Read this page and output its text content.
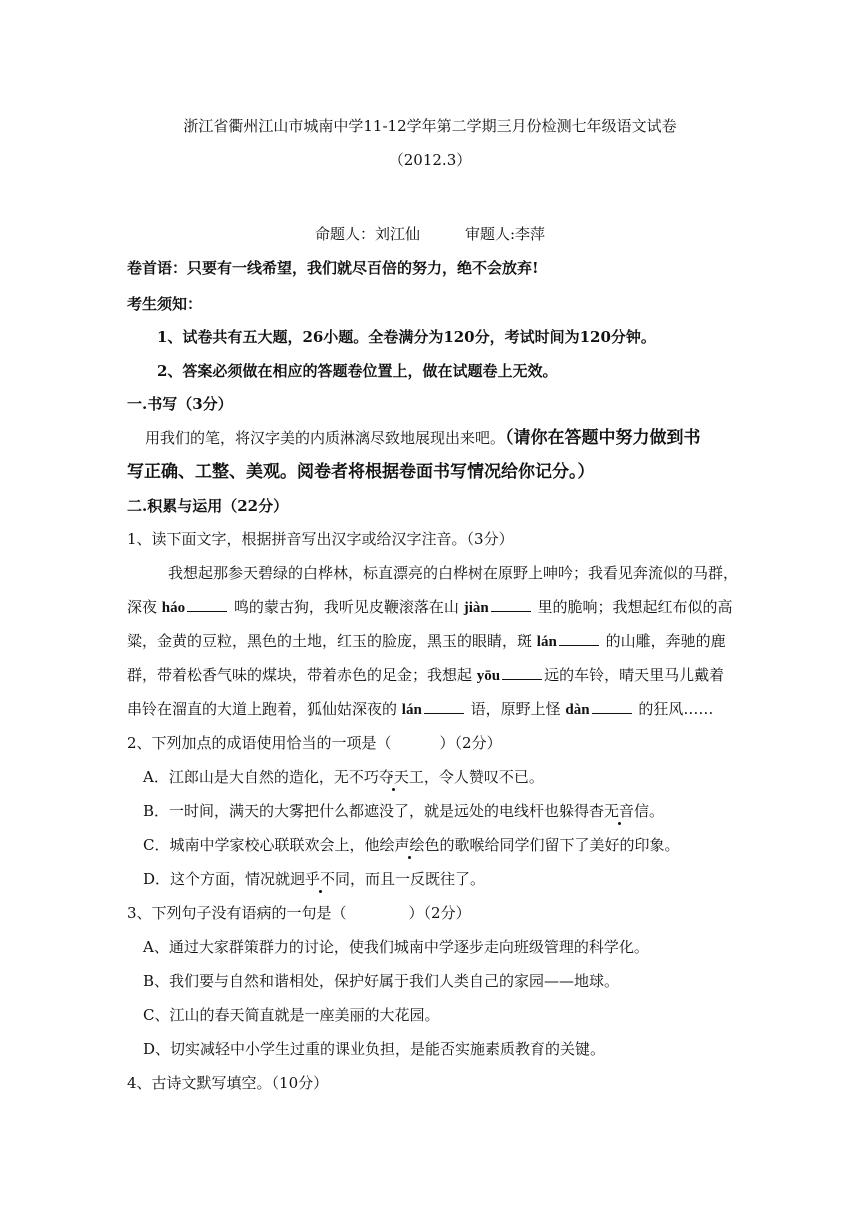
浙江省衢州江山市城南中学11-12学年第二学期三月份检测七年级语文试卷
（2012.3）
命题人：刘江仙　　　审题人:李萍
卷首语：只要有一线希望，我们就尽百倍的努力，绝不会放弃!
考生须知：
1、试卷共有五大题，26小题。全卷满分为120分，考试时间为120分钟。
2、答案必须做在相应的答题卷位置上，做在试题卷上无效。
一.书写（3分）
用我们的笔，将汉字美的内质淋漓尽致地展现出来吧。（请你在答题中努力做到书
写正确、工整、美观。阅卷者将根据卷面书写情况给你记分。）
二.积累与运用（22分）
1、读下面文字，根据拼音写出汉字或给汉字注音。（3分）
我想起那参天碧绿的白桦林，标直漂亮的白桦树在原野上呻吟；我看见奔流似的马群，
深夜 háo	鸣的蒙古狗，我听见皮鞭滚落在山 jiàn	里的脆响；我想起红布似的高
粱，金黄的豆粒，黑色的土地，红玉的脸庞，黑玉的眼睛，斑 lán	的山雕，奔驰的鹿
群，带着松香气味的煤块，带着赤色的足金；我想起 yōu	远的车铃，晴天里马儿戴着
串铃在溜直的大道上跑着，狐仙姑深夜的 lán	语，原野上怪 dàn	的狂风……
2、下列加点的成语使用恰当的一项是（	）（2分）
A．江郎山是大自然的造化，无不巧夺天工，令人赞叹不已。
B．一时间，满天的大雾把什么都遮没了，就是远处的电线杆也躲得杳无音信。
C．城南中学家校心联联欢会上，他绘声绘色的歌喉给同学们留下了美好的印象。
D．这个方面，情况就迥乎不同，而且一反既往了。
3、下列句子没有语病的一句是（	）（2分）
A、通过大家群策群力的讨论，使我们城南中学逐步走向班级管理的科学化。
B、我们要与自然和谐相处，保护好属于我们人类自己的家园——地球。
C、江山的春天简直就是一座美丽的大花园。
D、切实减轻中小学生过重的课业负担，是能否实施素质教育的关键。
4、古诗文默写填空。（10分）
